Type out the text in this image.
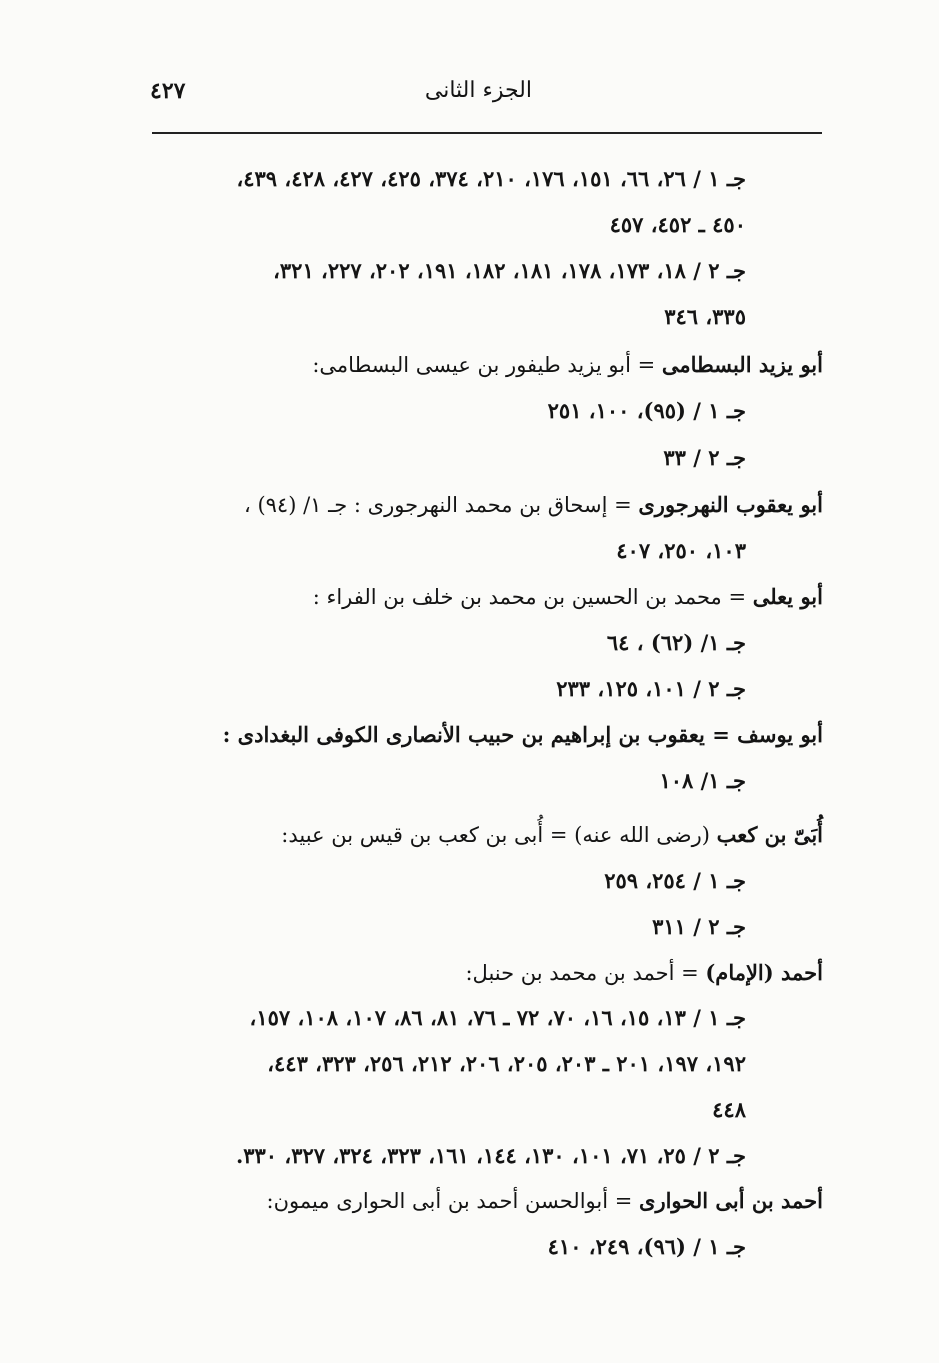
الجزء الثانى
٤٢٧
جـ ١ / ٢٦، ٦٦، ١٥١، ١٧٦، ٢١٠، ٣٧٤، ٤٢٥، ٤٢٧، ٤٢٨، ٤٣٩،
٤٥٠ ـ ٤٥٢، ٤٥٧
جـ ٢ / ١٨، ١٧٣، ١٧٨، ١٨١، ١٨٢، ١٩١، ٢٠٢، ٢٢٧، ٣٢١،
٣٣٥، ٣٤٦
أبو يزيد البسطامى = أبو يزيد طيفور بن عيسى البسطامى:
جـ ١ / (٩٥)، ١٠٠، ٢٥١
جـ ٢ / ٣٣
أبو يعقوب النهرجورى = إسحاق بن محمد النهرجورى : جـ ١/ (٩٤) ،
١٠٣، ٢٥٠، ٤٠٧
أبو يعلى = محمد بن الحسين بن محمد بن خلف بن الفراء :
جـ ١/ (٦٢) ، ٦٤
جـ ٢ / ١٠١، ١٢٥، ٢٣٣
أبو يوسف = يعقوب بن إبراهيم بن حبيب الأنصارى الكوفى البغدادى :
جـ ١/ ١٠٨
أُبَىّ بن كعب (رضى الله عنه) = أُبى بن كعب بن قيس بن عبيد:
جـ ١ / ٢٥٤، ٢٥٩
جـ ٢ / ٣١١
أحمد (الإمام) = أحمد بن محمد بن حنبل:
جـ ١ / ١٣، ١٥، ١٦، ٧٠، ٧٢ ـ ٧٦، ٨١، ٨٦، ١٠٧، ١٠٨، ١٥٧،
١٩٢، ١٩٧، ٢٠١ ـ ٢٠٣، ٢٠٥، ٢٠٦، ٢١٢، ٢٥٦، ٣٢٣، ٤٤٣،
٤٤٨
جـ ٢ / ٢٥، ٧١، ١٠١، ١٣٠، ١٤٤، ١٦١، ٣٢٣، ٣٢٤، ٣٢٧، ٣٣٠.
أحمد بن أبى الحوارى = أبوالحسن أحمد بن أبى الحوارى ميمون:
جـ ١ / (٩٦)، ٢٤٩، ٤١٠
